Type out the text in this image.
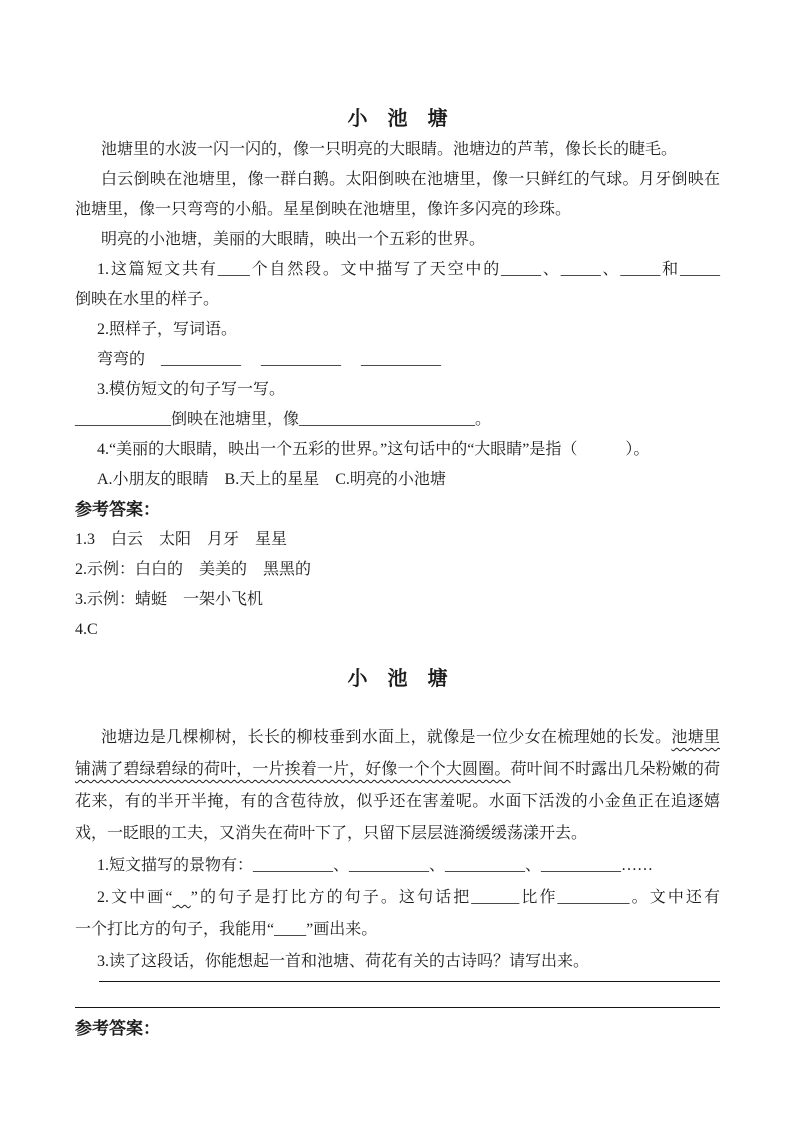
小　池　塘

池塘里的水波一闪一闪的，像一只明亮的大眼睛。池塘边的芦苇，像长长的睫毛。

白云倒映在池塘里，像一群白鹅。太阳倒映在池塘里，像一只鲜红的气球。月牙倒映在池塘里，像一只弯弯的小船。星星倒映在池塘里，像许多闪亮的珍珠。

明亮的小池塘，美丽的大眼睛，映出一个五彩的世界。

1.这篇短文共有____个自然段。文中描写了天空中的_____、_____、_____和_____
倒映在水里的样子。
2.照样子，写词语。
弯弯的　__________　 __________　 __________
3.模仿短文的句子写一写。
____________倒映在池塘里，像______________________。
4.“美丽的大眼睛，映出一个五彩的世界。”这句话中的“大眼睛”是指（　　　）。
A.小朋友的眼睛　B.天上的星星　C.明亮的小池塘
参考答案：
1.3　白云　太阳　月牙　星星
2.示例：白白的　美美的　黑黑的
3.示例：蜻蜓　一架小飞机
4.C
小　池　塘

池塘边是几棵柳树，长长的柳枝垂到水面上，就像是一位少女在梳理她的长发。池塘里铺满了碧绿碧绿的荷叶，一片挨着一片，好像一个个大圆圈。荷叶间不时露出几朵粉嫩的荷花来，有的半开半掩，有的含苞待放，似乎还在害羞呢。水面下活泼的小金鱼正在追逐嬉戏，一眨眼的工夫，又消失在荷叶下了，只留下层层涟漪缓缓荡漾开去。

1.短文描写的景物有：__________、__________、__________、__________……
2.文中画“ ”的句子是打比方的句子。这句话把______比作_________。文中还有
一个打比方的句子，我能用“____”画出来。
3.读了这段话，你能想起一首和池塘、荷花有关的古诗吗？请写出来。
参考答案：
